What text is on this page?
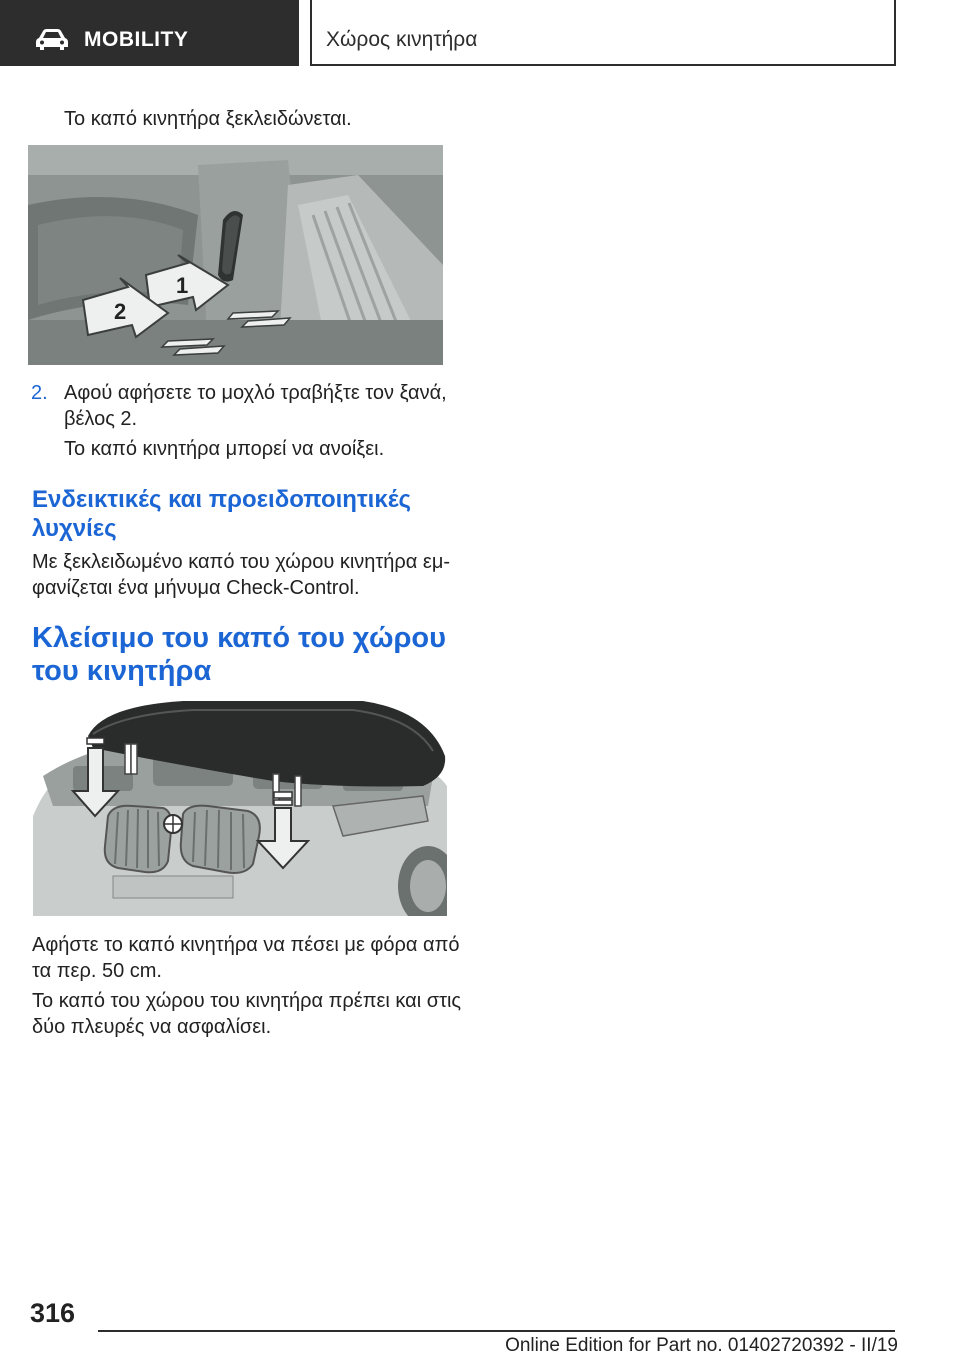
MOBILITY	Χώρος κινητήρα
Το καπό κινητήρα ξεκλειδώνεται.
1
2
2. Αφού αφήσετε το μοχλό τραβήξτε τον ξανά,
βέλος 2.
Το καπό κινητήρα μπορεί να ανοίξει.
Ενδεικτικές και προειδοποιητικές
λυχνίες
Με ξεκλειδωμένο καπό του χώρου κινητήρα εμ-
φανίζεται ένα μήνυμα Check-Control.
Κλείσιμο του καπό του χώρου
του κινητήρα
Αφήστε το καπό κινητήρα να πέσει με φόρα από
τα περ. 50 cm.
Το καπό του χώρου του κινητήρα πρέπει και στις
δύο πλευρές να ασφαλίσει.
316
Online Edition for Part no. 01402720392 - II/19
